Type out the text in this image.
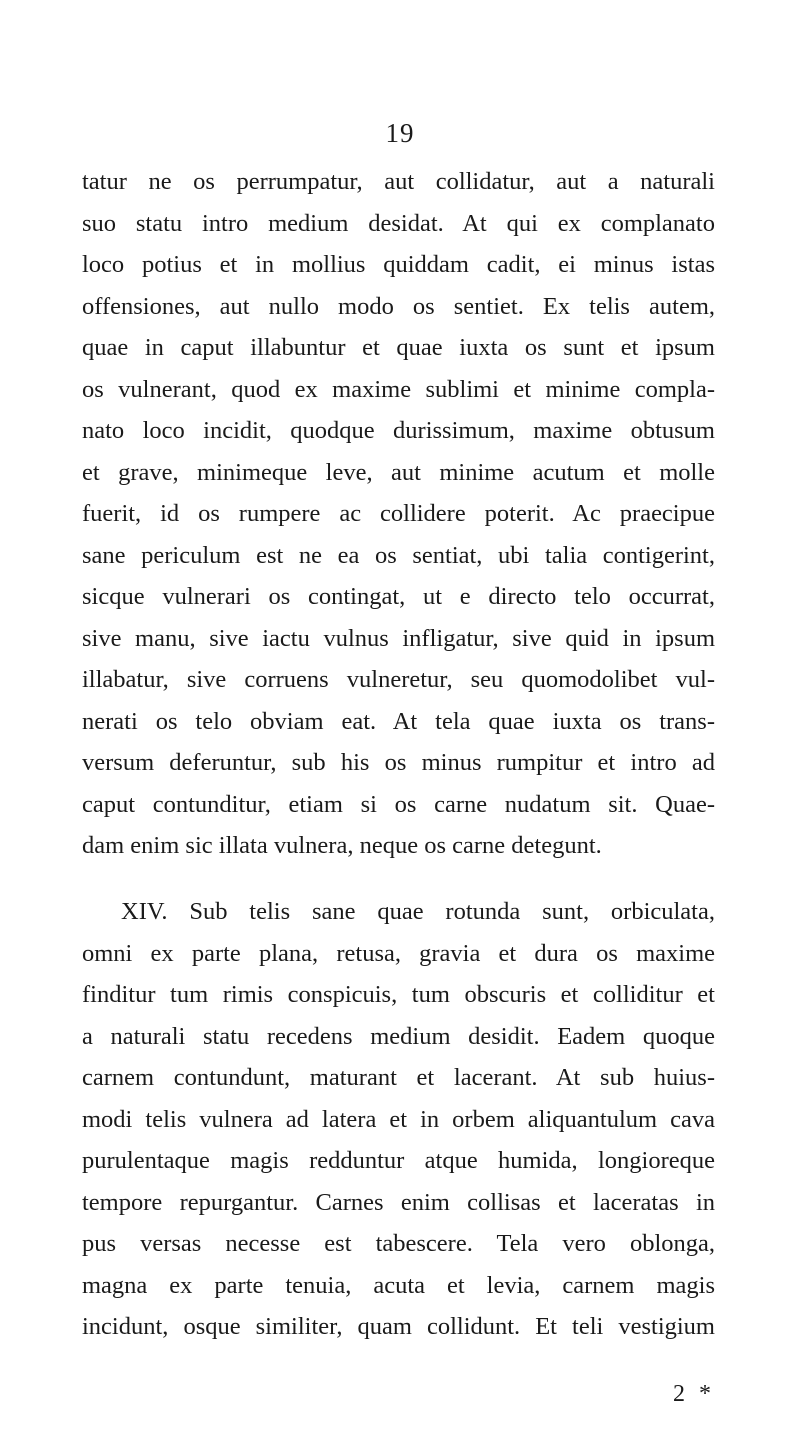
19
tatur ne os perrumpatur, aut collidatur, aut a naturali
suo statu intro medium desidat. At qui ex complanato
loco potius et in mollius quiddam cadit, ei minus istas
offensiones, aut nullo modo os sentiet. Ex telis autem,
quae in caput illabuntur et quae iuxta os sunt et ipsum
os vulnerant, quod ex maxime sublimi et minime compla-
nato loco incidit, quodque durissimum, maxime obtusum
et grave, minimeque leve, aut minime acutum et molle
fuerit, id os rumpere ac collidere poterit. Ac praecipue
sane periculum est ne ea os sentiat, ubi talia contigerint,
sicque vulnerari os contingat, ut e directo telo occurrat,
sive manu, sive iactu vulnus infligatur, sive quid in ipsum
illabatur, sive corruens vulneretur, seu quomodolibet vul-
nerati os telo obviam eat. At tela quae iuxta os trans-
versum deferuntur, sub his os minus rumpitur et intro ad
caput contunditur, etiam si os carne nudatum sit. Quae-
dam enim sic illata vulnera, neque os carne detegunt.
XIV. Sub telis sane quae rotunda sunt, orbiculata,
omni ex parte plana, retusa, gravia et dura os maxime
finditur tum rimis conspicuis, tum obscuris et colliditur et
a naturali statu recedens medium desidit. Eadem quoque
carnem contundunt, maturant et lacerant. At sub huius-
modi telis vulnera ad latera et in orbem aliquantulum cava
purulentaque magis redduntur atque humida, longioreque
tempore repurgantur. Carnes enim collisas et laceratas in
pus versas necesse est tabescere. Tela vero oblonga,
magna ex parte tenuia, acuta et levia, carnem magis
incidunt, osque similiter, quam collidunt. Et teli vestigium
2 *
